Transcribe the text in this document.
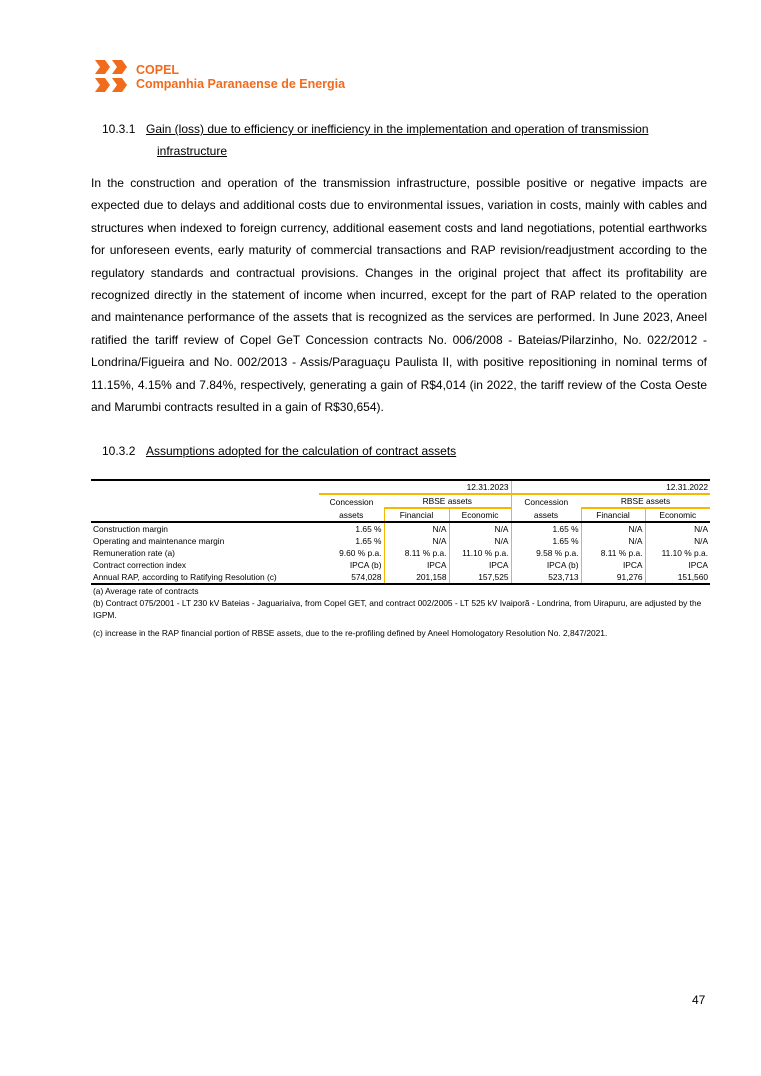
COPEL
Companhia Paranaense de Energia
10.3.1 Gain (loss) due to efficiency or inefficiency in the implementation and operation of transmission
infrastructure
In the construction and operation of the transmission infrastructure, possible positive or negative impacts are expected due to delays and additional costs due to environmental issues, variation in costs, mainly with cables and structures when indexed to foreign currency, additional easement costs and land negotiations, potential earthworks for unforeseen events, early maturity of commercial transactions and RAP revision/readjustment according to the regulatory standards and contractual provisions. Changes in the original project that affect its profitability are recognized directly in the statement of income when incurred, except for the part of RAP related to the operation and maintenance performance of the assets that is recognized as the services are performed. In June 2023, Aneel ratified the tariff review of Copel GeT Concession contracts No. 006/2008 - Bateias/Pilarzinho, No. 022/2012 - Londrina/Figueira and No. 002/2013 - Assis/Paraguaçu Paulista II, with positive repositioning in nominal terms of 11.15%, 4.15% and 7.84%, respectively, generating a gain of R$4,014 (in 2022, the tariff review of the Costa Oeste and Marumbi contracts resulted in a gain of R$30,654).
10.3.2 Assumptions adopted for the calculation of contract assets
	12.31.2023			12.31.2022		
	Concession	RBSE assets		Concession	RBSE assets	
	assets	Financial	Economic	assets	Financial	Economic
Construction margin	1.65 %	N/A	N/A	1.65 %	N/A	N/A
Operating and maintenance margin	1.65 %	N/A	N/A	1.65 %	N/A	N/A
Remuneration rate (a)	9.60 % p.a.	8.11 % p.a.	11.10 % p.a.	9.58 % p.a.	8.11 % p.a.	11.10 % p.a.
Contract correction index	IPCA (b)	IPCA	IPCA	IPCA (b)	IPCA	IPCA
Annual RAP, according to Ratifying Resolution (c)	574,028	201,158	157,525	523,713	91,276	151,560
(a) Average rate of contracts
(b) Contract 075/2001 - LT 230 kV Bateias - Jaguariaíva, from Copel GET, and contract 002/2005 - LT 525 kV Ivaiporã - Londrina, from Uirapuru, are adjusted by the IGPM.
(c) increase in the RAP financial portion of RBSE assets, due to the re-profiling defined by Aneel Homologatory Resolution No. 2,847/2021.
47
